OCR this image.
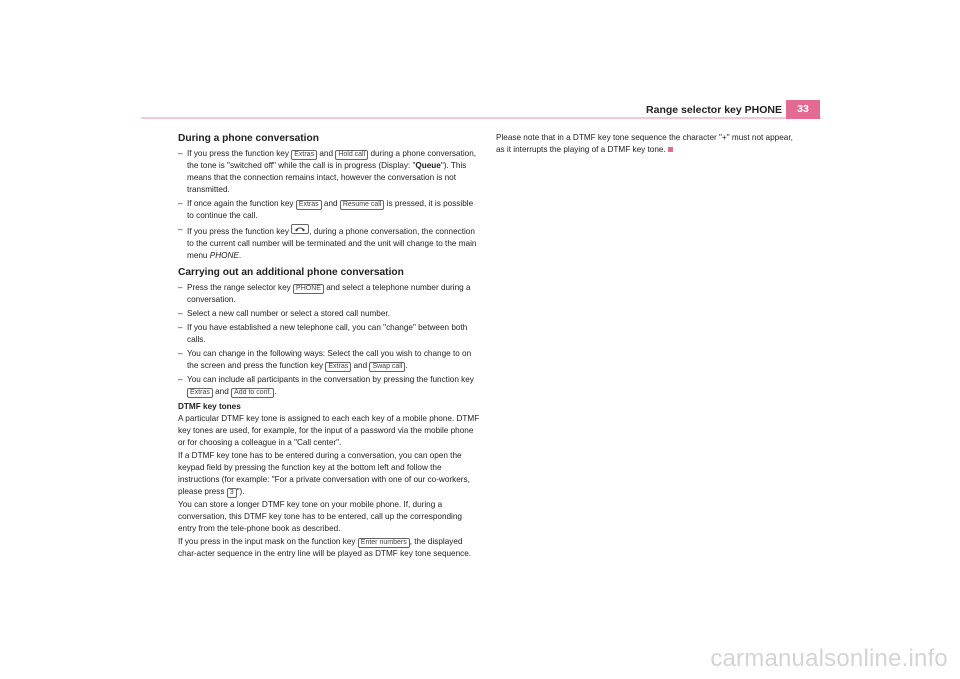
Range selector key PHONE	33
During a phone conversation
– If you press the function key Extras and Hold call during a phone conversation, the tone is "switched off" while the call is in progress (Display: "Queue"). This means that the connection remains intact, however the conversation is not transmitted.
– If once again the function key Extras and Resume call is pressed, it is possible to continue the call.
– If you press the function key , during a phone conversation, the connection to the current call number will be terminated and the unit will change to the main menu PHONE.
Carrying out an additional phone conversation
– Press the range selector key PHONE and select a telephone number during a conversation.
– Select a new call number or select a stored call number.
– If you have established a new telephone call, you can "change" between both calls.
– You can change in the following ways: Select the call you wish to change to on the screen and press the function key Extras and Swap call .
– You can include all participants in the conversation by pressing the function key Extras and Add to conf. .
DTMF key tones

A particular DTMF key tone is assigned to each each key of a mobile phone. DTMF key tones are used, for example, for the input of a password via the mobile phone or for choosing a colleague in a "Call center".

If a DTMF key tone has to be entered during a conversation, you can open the keypad field by pressing the function key at the bottom left and follow the instructions (for example: "For a private conversation with one of our co-workers, please press 3 ").

You can store a longer DTMF key tone on your mobile phone. If, during a conversation, this DTMF key tone has to be entered, call up the corresponding entry from the tele-phone book as described.

If you press in the input mask on the function key Enter numbers , the displayed char-acter sequence in the entry line will be played as DTMF key tone sequence.

Please note that in a DTMF key tone sequence the character "+" must not appear, as it interrupts the playing of a DTMF key tone.

carmanualsonline.info
